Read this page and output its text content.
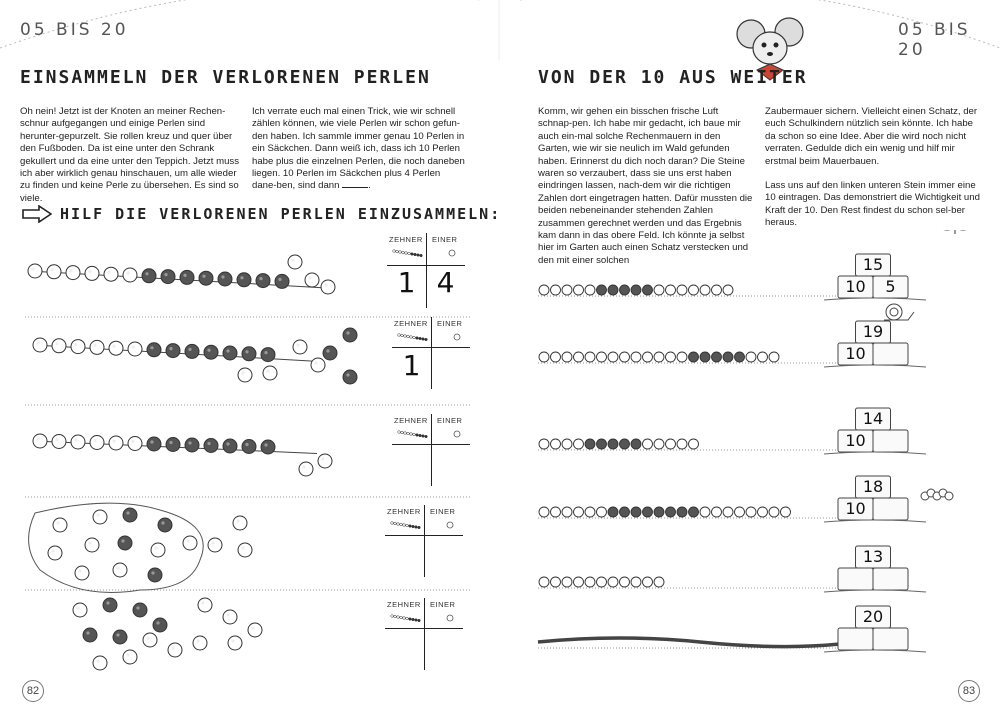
05 BIS 20	05 BIS 20
EINSAMMELN DER VERLORENEN PERLEN
Oh nein! Jetzt ist der Knoten an meiner Rechen-schnur aufgegangen und einige Perlen sind herunter-gepurzelt. Sie rollen kreuz und quer über den Fußboden. Da ist eine unter den Schrank gekullert und da eine unter den Teppich. Jetzt muss ich aber wirklich genau hinschauen, um alle wieder zu finden und keine Perle zu übersehen. Es sind so viele.
Ich verrate euch mal einen Trick, wie wir schnell zählen können, wie viele Perlen wir schon gefun-den haben. Ich sammle immer genau 10 Perlen in ein Säckchen. Dann weiß ich, dass ich 10 Perlen habe plus die einzelnen Perlen, die noch daneben liegen. 10 Perlen im Säckchen plus 4 Perlen dane-ben, sind dann	.
HILF DIE VERLORENEN PERLEN EINZUSAMMELN:
ZEHNER EINER
1 4
ZEHNER EINER
1
ZEHNER EINER
ZEHNER EINER
ZEHNER EINER
82
VON DER 10 AUS WEITER
Komm, wir gehen ein bisschen frische Luft schnap-pen. Ich habe mir gedacht, ich baue mir auch ein-mal solche Rechenmauern in den Garten, wie wir sie neulich im Wald gefunden haben. Erinnerst du dich noch daran? Die Steine waren so verzaubert, dass sie uns erst haben eindringen lassen, nach-dem wir die richtigen Zahlen dort eingetragen hatten. Dafür mussten die beiden nebeneinander stehenden Zahlen zusammen gerechnet werden und das Ergebnis kam dann in das obere Feld. Ich könnte ja selbst hier im Garten auch einen Schatz verstecken und den mit einer solchen

Zaubermauer sichern. Vielleicht einen Schatz, der euch Schulkindern nützlich sein könnte. Ich habe da schon so eine Idee. Aber die wird noch nicht verraten. Gedulde dich ein wenig und hilf mir erstmal beim Mauerbauen.

Lass uns auf den linken unteren Stein immer eine 10 eintragen. Das demonstriert die Wichtigkeit und Kraft der 10. Den Rest findest du schon sel-ber heraus.

10 5
15
10
19
10
14
10
18
13
20
83
